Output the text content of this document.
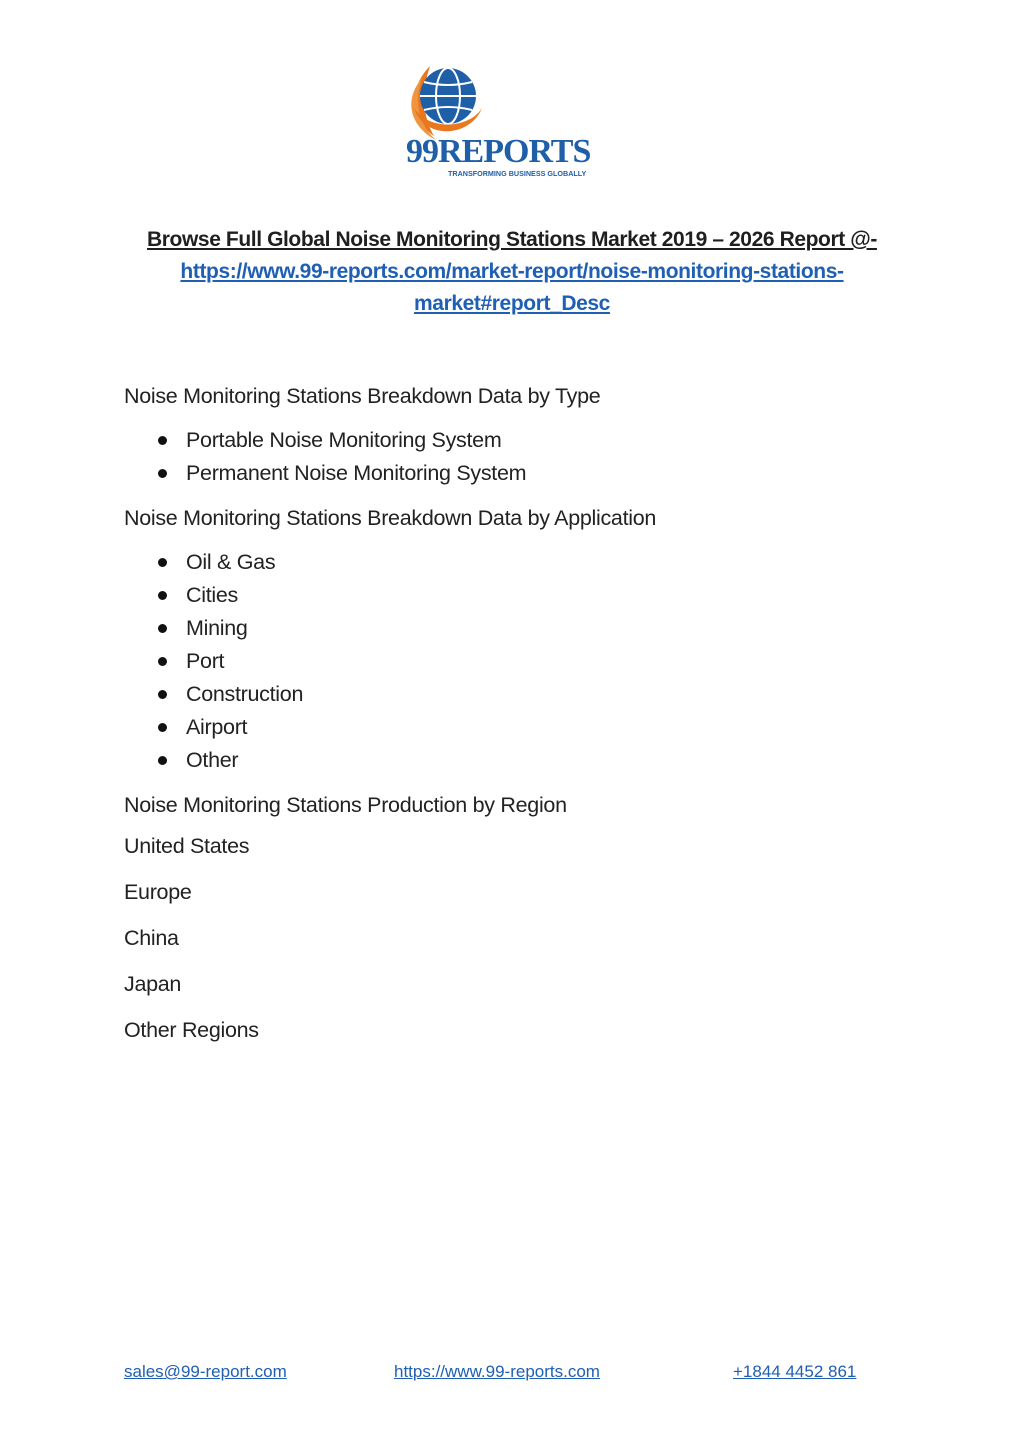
99REPORTS
TRANSFORMING BUSINESS GLOBALLY
Browse Full Global Noise Monitoring Stations Market 2019 – 2026 Report @-
https://www.99-reports.com/market-report/noise-monitoring-stations-
market#report_Desc

Noise Monitoring Stations Breakdown Data by Type

Portable Noise Monitoring System
Permanent Noise Monitoring System

Noise Monitoring Stations Breakdown Data by Application

Oil & Gas
Cities
Mining
Port
Construction
Airport
Other

Noise Monitoring Stations Production by Region

United States
Europe
China
Japan
Other Regions
sales@99-report.com	https://www.99-reports.com	+1844 4452 861
